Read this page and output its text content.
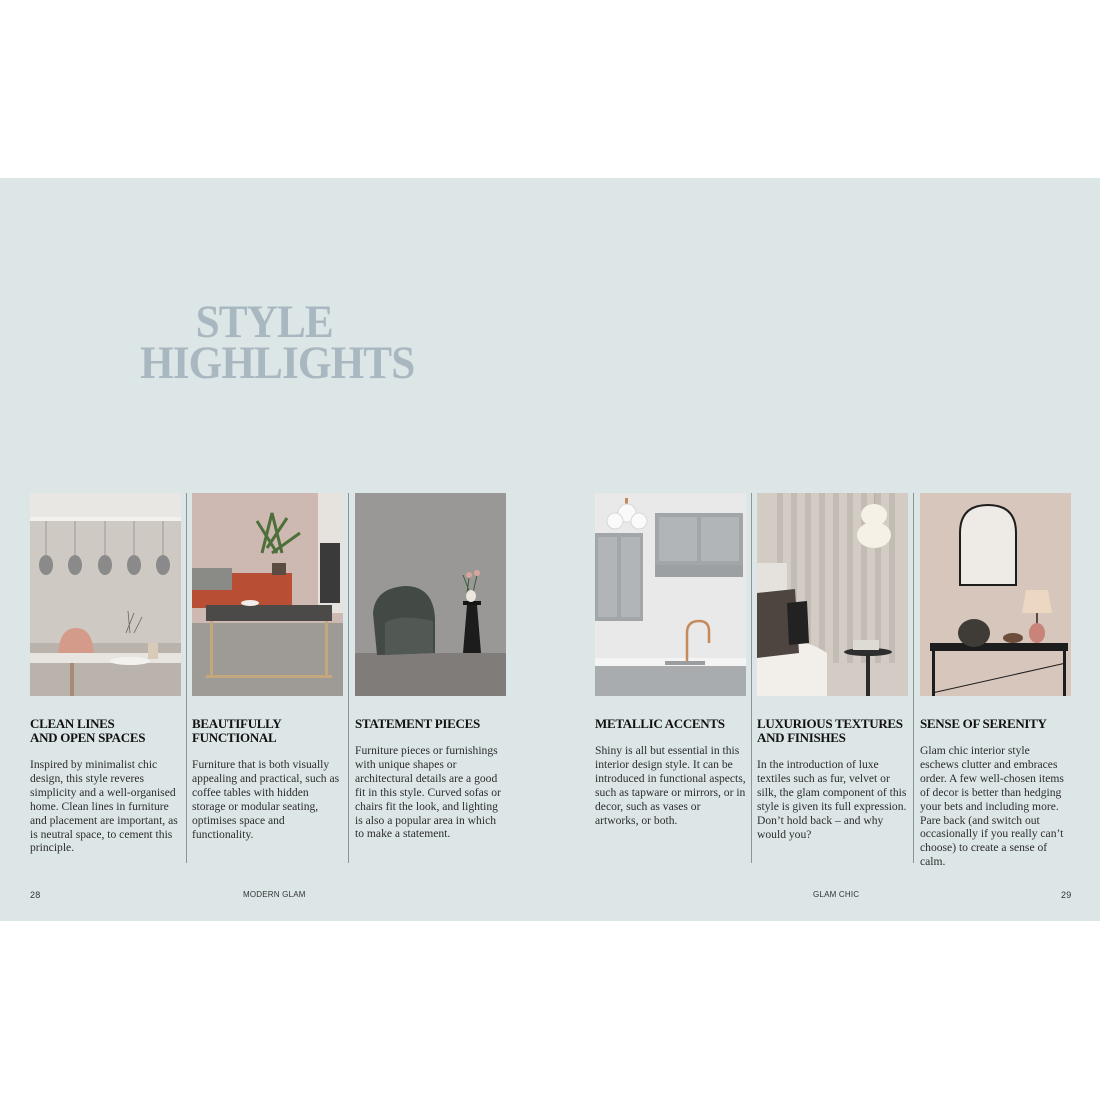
STYLE
HIGHLIGHTS
CLEAN LINES
AND OPEN SPACES

Inspired by minimalist chic design, this style reveres simplicity and a well-organised home. Clean lines in furniture and placement are important, as is neutral space, to cement this principle.

BEAUTIFULLY
FUNCTIONAL

Furniture that is both visually appealing and practical, such as coffee tables with hidden storage or modular seating, optimises space and functionality.

STATEMENT PIECES

Furniture pieces or furnishings with unique shapes or architectural details are a good fit in this style. Curved sofas or chairs fit the look, and lighting is also a popular area in which to make a statement.

METALLIC ACCENTS

Shiny is all but essential in this interior design style. It can be introduced in functional aspects, such as tapware or mirrors, or in decor, such as vases or artworks, or both.

LUXURIOUS TEXTURES
AND FINISHES

In the introduction of luxe textiles such as fur, velvet or silk, the glam component of this style is given its full expression. Don’t hold back – and why would you?

SENSE OF SERENITY

Glam chic interior style eschews clutter and embraces order. A few well-chosen items of decor is better than hedging your bets and including more. Pare back (and switch out occasionally if you really can’t choose) to create a sense of calm.

28	MODERN GLAM	GLAM CHIC	29
